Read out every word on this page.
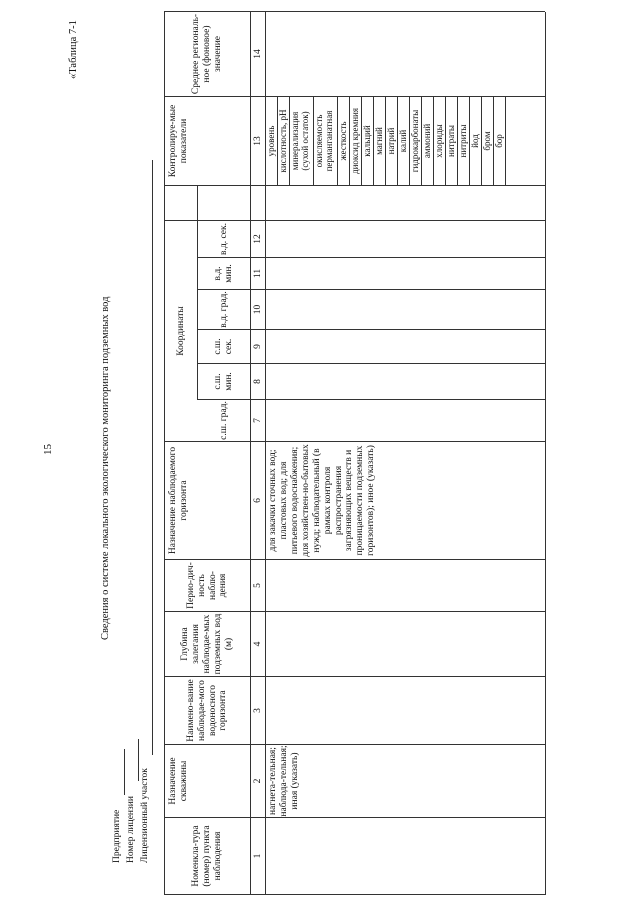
15
«Таблица 7-1
Сведения о системе локального экологического мониторинга подземных вод
Предприятие Номер лицензии Лицензионный участок	Номенкла-тура (номер) пункта наблюдения
Назначение скважины
Наимено-вание наблюдае-мого водоносного горизонта
Глубина залегания наблюдае-мых подземных вод (м)
Перио-дич-ность наблю-дения
Назначение наблюдаемого горизонта
Координаты
с.ш. град.
с.ш. мин.
с.ш. сек.
в.д. град.
в.д. мин.
в.д. сек.
Контролируе-мые показатели
Среднее региональ-ное (фоновое) значение
1
2
3
4
5
6
7
8
9
10
11
12
13
14
нагнета-тельная; наблюда-тельная; иная (указать)
для закачки сточных вод; пластовых вод; для питьевого водоснабжения; для хозяйствен-но-бытовых нужд; наблюдательный (в рамках контроля распространения загрязняющих веществ и проницаемости подземных горизонтов); иное (указать)
уровень кислотность, pH минерализация (сухой остаток) окисляемость перманганатная жесткость диоксид кремния кальций магний натрий калий гидрокарбонаты аммоний хлориды нитраты нитриты йод бром бор
